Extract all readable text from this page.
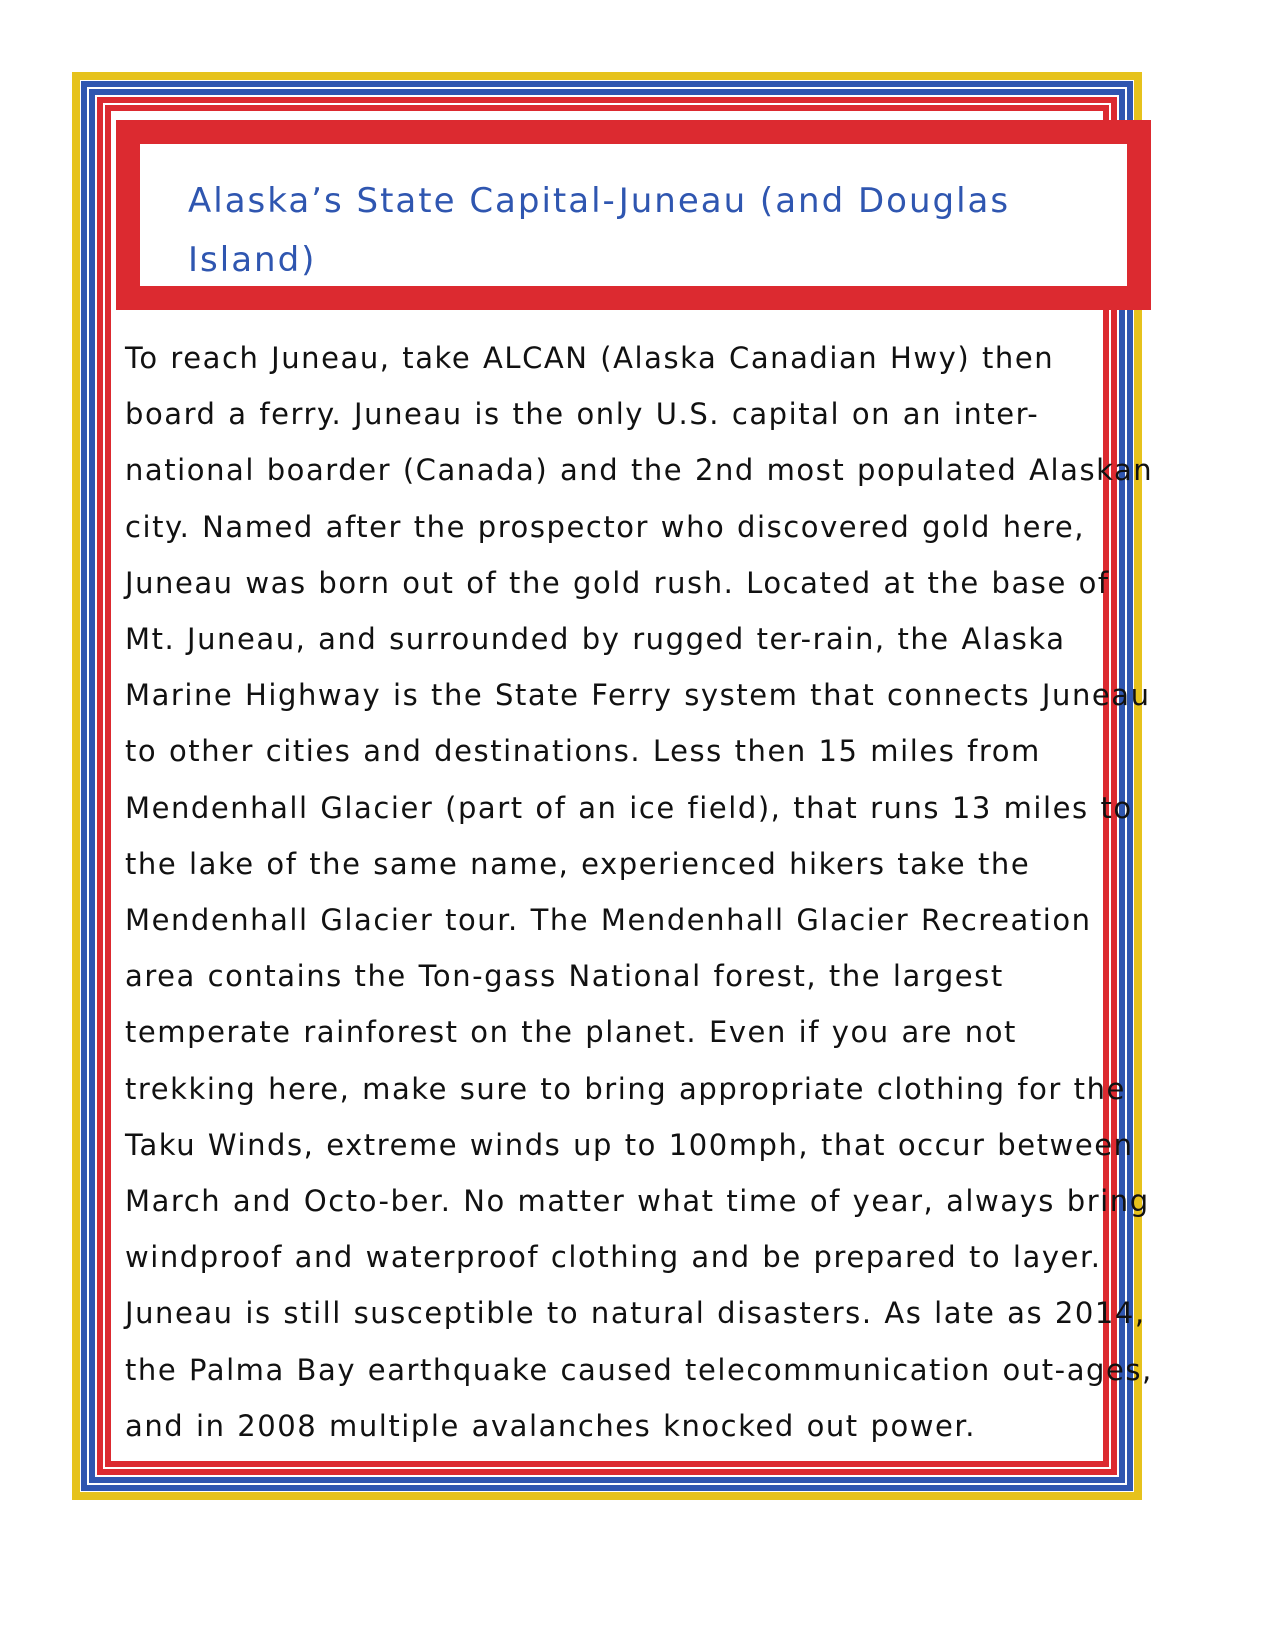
Alaska’s State Capital-Juneau (and Douglas Island)

To reach Juneau, take ALCAN (Alaska Canadian Hwy) then board a ferry. Juneau is the only U.S. capital on an inter-national boarder (Canada) and the 2nd most populated Alaskan city. Named after the prospector who discovered gold here, Juneau was born out of the gold rush. Located at the base of Mt. Juneau, and surrounded by rugged ter-rain, the Alaska Marine Highway is the State Ferry system that connects Juneau to other cities and destinations. Less then 15 miles from Mendenhall Glacier (part of an ice field), that runs 13 miles to the lake of the same name, experienced hikers take the Mendenhall Glacier tour. The Mendenhall Glacier Recreation area contains the Ton-gass National forest, the largest temperate rainforest on the planet. Even if you are not trekking here, make sure to bring appropriate clothing for the Taku Winds, extreme winds up to 100mph, that occur between March and Octo-ber. No matter what time of year, always bring windproof and waterproof clothing and be prepared to layer. Juneau is still susceptible to natural disasters. As late as 2014, the Palma Bay earthquake caused telecommunication out-ages, and in 2008 multiple avalanches knocked out power.
